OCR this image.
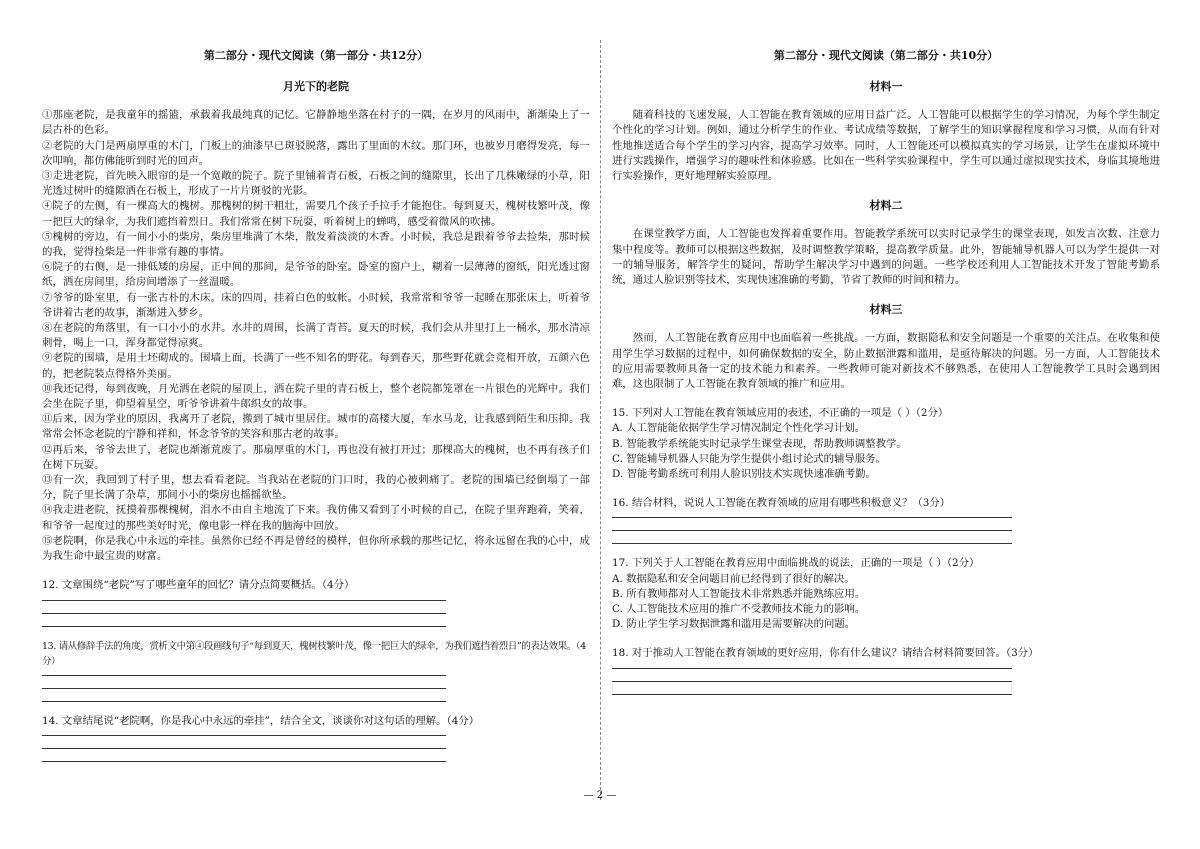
第二部分・现代文阅读（第一部分・共12分）
月光下的老院

①那座老院，是我童年的摇篮，承载着我最纯真的记忆。它静静地坐落在村子的一隅，在岁月的风雨中，渐渐染上了一层古朴的色彩。

②老院的大门是两扇厚重的木门，门板上的油漆早已斑驳脱落，露出了里面的木纹。那门环，也被岁月磨得发亮，每一次叩响，都仿佛能听到时光的回声。

③走进老院，首先映入眼帘的是一个宽敞的院子。院子里铺着青石板，石板之间的缝隙里，长出了几株嫩绿的小草，阳光透过树叶的缝隙洒在石板上，形成了一片片斑驳的光影。

④院子的左侧，有一棵高大的槐树。那槐树的树干粗壮，需要几个孩子手拉手才能抱住。每到夏天，槐树枝繁叶茂，像一把巨大的绿伞，为我们遮挡着烈日。我们常常在树下玩耍，听着树上的蝉鸣，感受着微风的吹拂。

⑤槐树的旁边，有一间小小的柴房，柴房里堆满了木柴，散发着淡淡的木香。小时候，我总是跟着爷爷去捡柴，那时候的我，觉得捡柴是一件非常有趣的事情。

⑥院子的右侧，是一排低矮的房屋，正中间的那间，是爷爷的卧室。卧室的窗户上，糊着一层薄薄的窗纸，阳光透过窗纸，洒在房间里，给房间增添了一丝温暖。

⑦爷爷的卧室里，有一张古朴的木床。床的四周，挂着白色的蚊帐。小时候，我常常和爷爷一起睡在那张床上，听着爷爷讲着古老的故事，渐渐进入梦乡。

⑧在老院的角落里，有一口小小的水井。水井的周围，长满了青苔。夏天的时候，我们会从井里打上一桶水，那水清凉刺骨，喝上一口，浑身都觉得凉爽。

⑨老院的围墙，是用土坯砌成的。围墙上面，长满了一些不知名的野花。每到春天，那些野花就会竞相开放，五颜六色的，把老院装点得格外美丽。

⑩我还记得，每到夜晚，月光洒在老院的屋顶上，洒在院子里的青石板上，整个老院都笼罩在一片银色的光辉中。我们会坐在院子里，仰望着星空，听爷爷讲着牛郎织女的故事。

⑪后来，因为学业的原因，我离开了老院，搬到了城市里居住。城市的高楼大厦，车水马龙，让我感到陌生和压抑。我常常会怀念老院的宁静和祥和，怀念爷爷的笑容和那古老的故事。

⑫再后来，爷爷去世了，老院也渐渐荒废了。那扇厚重的木门，再也没有被打开过；那棵高大的槐树，也不再有孩子们在树下玩耍。

⑬有一次，我回到了村子里，想去看看老院。当我站在老院的门口时，我的心被刺痛了。老院的围墙已经倒塌了一部分，院子里长满了杂草，那间小小的柴房也摇摇欲坠。

⑭我走进老院，抚摸着那棵槐树，泪水不由自主地流了下来。我仿佛又看到了小时候的自己，在院子里奔跑着，笑着，和爷爷一起度过的那些美好时光，像电影一样在我的脑海中回放。

⑮老院啊，你是我心中永远的牵挂。虽然你已经不再是曾经的模样，但你所承载的那些记忆，将永远留在我的心中，成为我生命中最宝贵的财富。

12. 文章围绕“老院”写了哪些童年的回忆？请分点简要概括。（4分）

13. 请从修辞手法的角度，赏析文中第④段画线句子“每到夏天，槐树枝繁叶茂，像一把巨大的绿伞，为我们遮挡着烈日”的表达效果。（4分）

14. 文章结尾说“老院啊，你是我心中永远的牵挂”，结合全文，谈谈你对这句话的理解。（4分）

第二部分・现代文阅读（第二部分・共10分）
材料一

随着科技的飞速发展，人工智能在教育领域的应用日益广泛。人工智能可以根据学生的学习情况，为每个学生制定个性化的学习计划。例如，通过分析学生的作业、考试成绩等数据，了解学生的知识掌握程度和学习习惯，从而有针对性地推送适合每个学生的学习内容，提高学习效率。同时，人工智能还可以模拟真实的学习场景，让学生在虚拟环境中进行实践操作，增强学习的趣味性和体验感。比如在一些科学实验课程中，学生可以通过虚拟现实技术，身临其境地进行实验操作，更好地理解实验原理。

材料二

在课堂教学方面，人工智能也发挥着重要作用。智能教学系统可以实时记录学生的课堂表现，如发言次数、注意力集中程度等。教师可以根据这些数据，及时调整教学策略，提高教学质量。此外，智能辅导机器人可以为学生提供一对一的辅导服务，解答学生的疑问，帮助学生解决学习中遇到的问题。一些学校还利用人工智能技术开发了智能考勤系统，通过人脸识别等技术，实现快速准确的考勤，节省了教师的时间和精力。

材料三

然而，人工智能在教育应用中也面临着一些挑战。一方面，数据隐私和安全问题是一个重要的关注点。在收集和使用学生学习数据的过程中，如何确保数据的安全，防止数据泄露和滥用，是亟待解决的问题。另一方面，人工智能技术的应用需要教师具备一定的技术能力和素养。一些教师可能对新技术不够熟悉，在使用人工智能教学工具时会遇到困难，这也限制了人工智能在教育领域的推广和应用。

15. 下列对人工智能在教育领域应用的表述，不正确的一项是（ ）（2分）

A. 人工智能能依据学生学习情况制定个性化学习计划。

B. 智能教学系统能实时记录学生课堂表现，帮助教师调整教学。

C. 智能辅导机器人只能为学生提供小组讨论式的辅导服务。

D. 智能考勤系统可利用人脸识别技术实现快速准确考勤。

16. 结合材料，说说人工智能在教育领域的应用有哪些积极意义？（3分）

17. 下列关于人工智能在教育应用中面临挑战的说法，正确的一项是（ ）（2分）

A. 数据隐私和安全问题目前已经得到了很好的解决。

B. 所有教师都对人工智能技术非常熟悉并能熟练应用。

C. 人工智能技术应用的推广不受教师技术能力的影响。

D. 防止学生学习数据泄露和滥用是需要解决的问题。

18. 对于推动人工智能在教育领域的更好应用，你有什么建议？请结合材料简要回答。（3分）

— 2 —
